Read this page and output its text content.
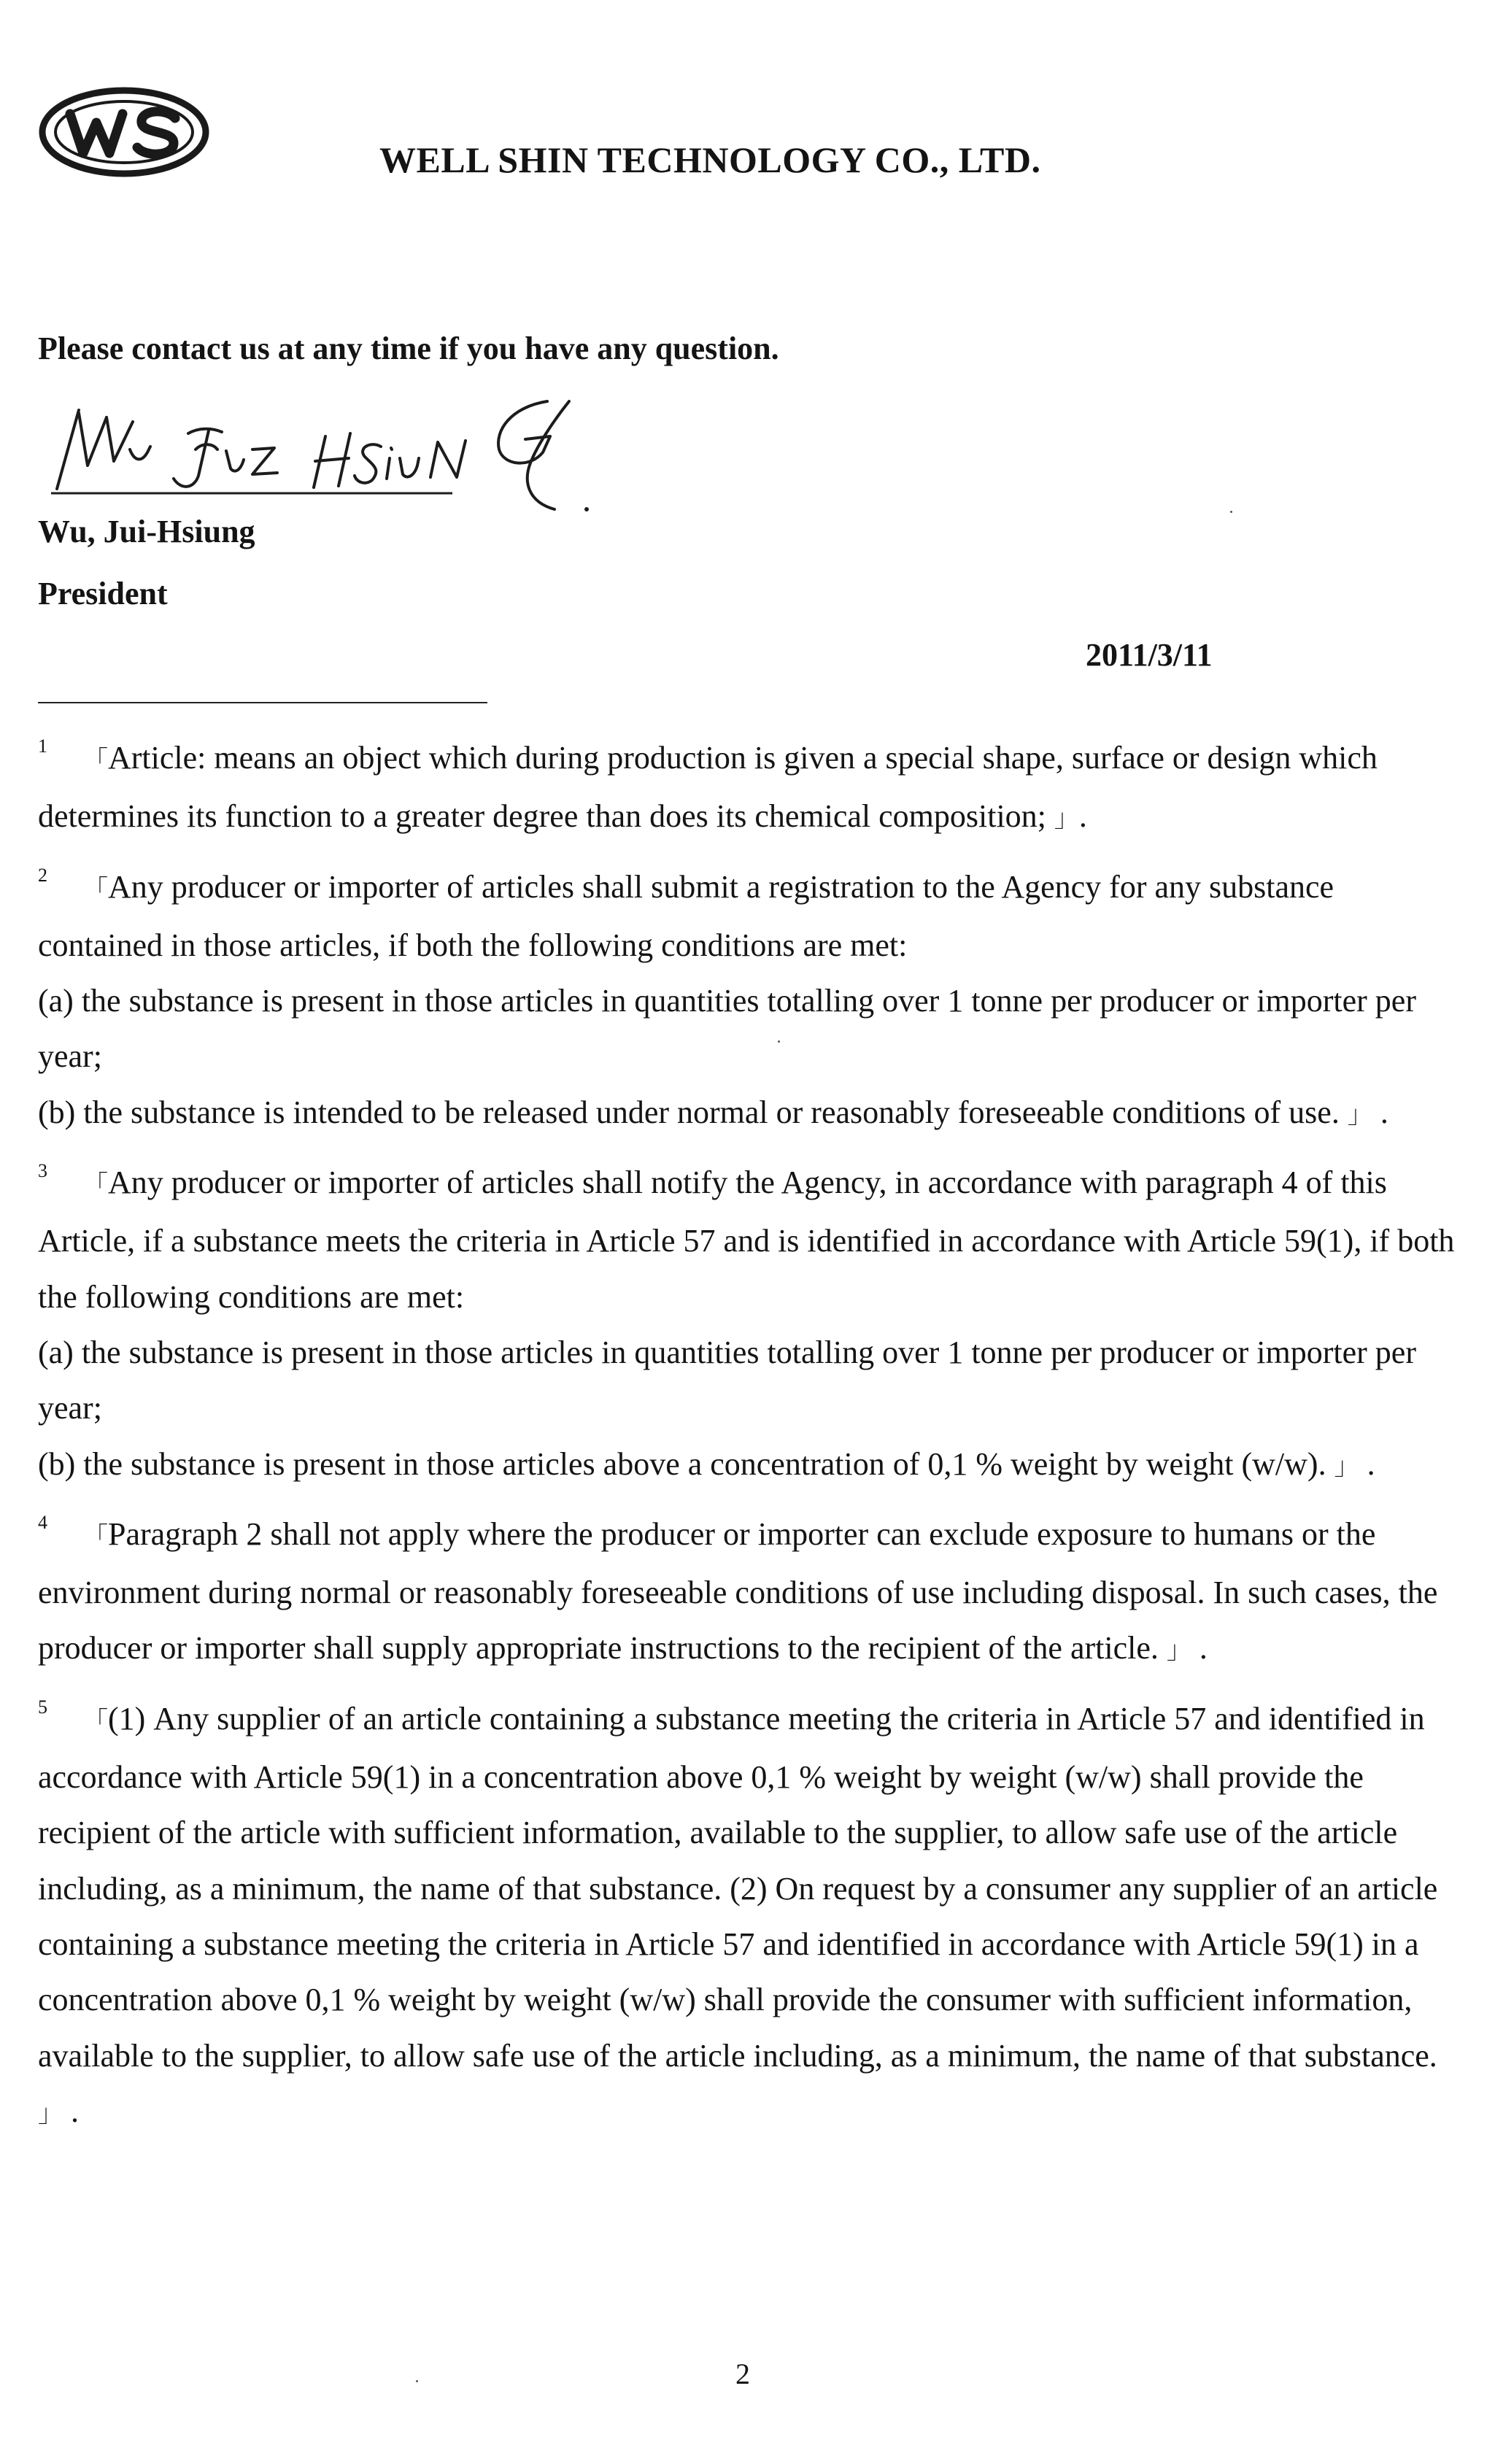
WELL SHIN TECHNOLOGY CO., LTD.
Please contact us at any time if you have any question.
Wu, Jui-Hsiung
President
2011/3/11

1「Article: means an object which during production is given a special shape, surface or design which determines its function to a greater degree than does its chemical composition; 」.

2「Any producer or importer of articles shall submit a registration to the Agency for any substance contained in those articles, if both the following conditions are met:

(a) the substance is present in those articles in quantities totalling over 1 tonne per producer or importer per year;

(b) the substance is intended to be released under normal or reasonably foreseeable conditions of use. 」 .

3「Any producer or importer of articles shall notify the Agency, in accordance with paragraph 4 of this Article, if a substance meets the criteria in Article 57 and is identified in accordance with Article 59(1), if both the following conditions are met:

(a) the substance is present in those articles in quantities totalling over 1 tonne per producer or importer per year;

(b) the substance is present in those articles above a concentration of 0,1 % weight by weight (w/w). 」 .

4「Paragraph 2 shall not apply where the producer or importer can exclude exposure to humans or the environment during normal or reasonably foreseeable conditions of use including disposal. In such cases, the producer or importer shall supply appropriate instructions to the recipient of the article. 」 .

5「(1) Any supplier of an article containing a substance meeting the criteria in Article 57 and identified in accordance with Article 59(1) in a concentration above 0,1 % weight by weight (w/w) shall provide the recipient of the article with sufficient information, available to the supplier, to allow safe use of the article including, as a minimum, the name of that substance. (2) On request by a consumer any supplier of an article containing a substance meeting the criteria in Article 57 and identified in accordance with Article 59(1) in a concentration above 0,1 % weight by weight (w/w) shall provide the consumer with sufficient information, available to the supplier, to allow safe use of the article including, as a minimum, the name of that substance. 」 .

2
